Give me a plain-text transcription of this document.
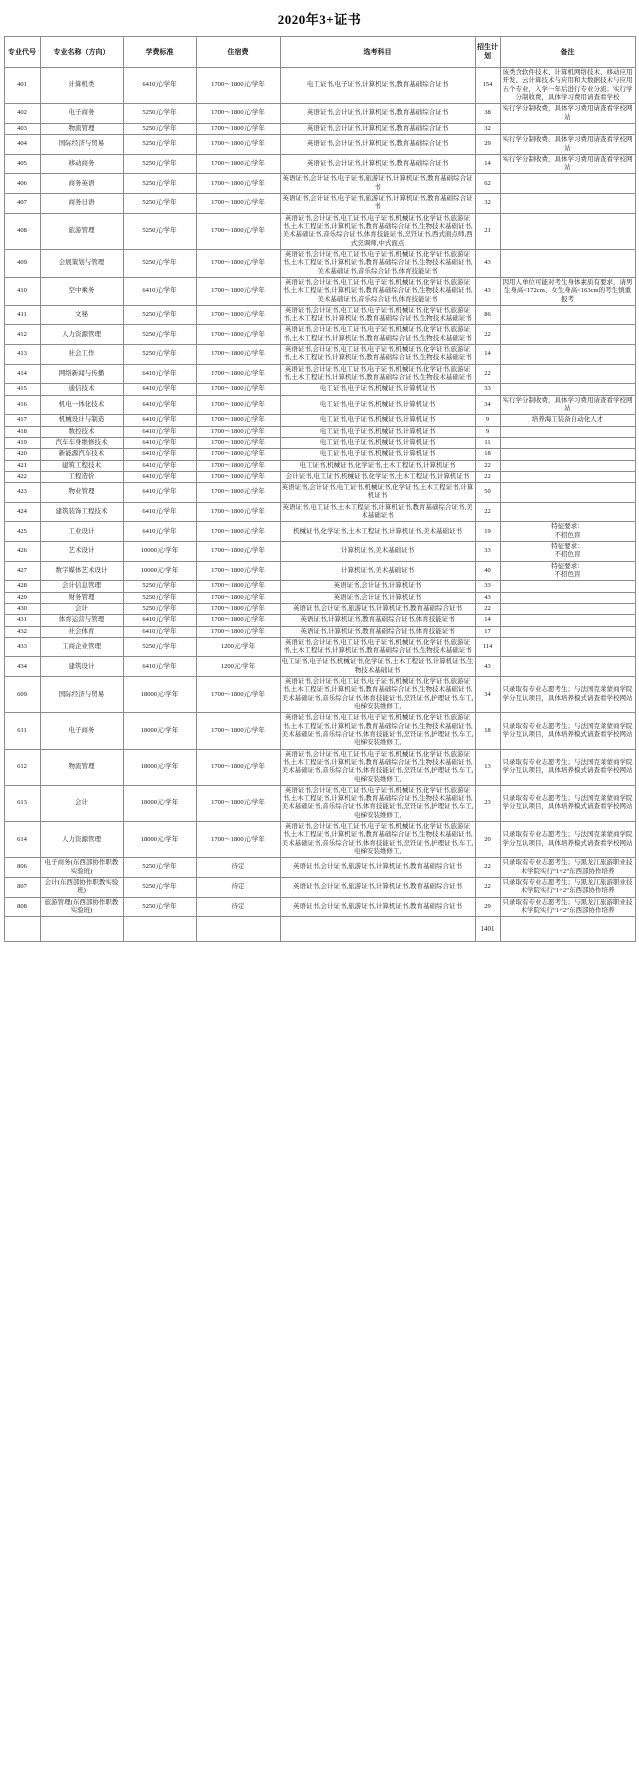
2020年3+证书
专业代号	专业名称（方向）	学费标准	住宿费	选考科目	招生计划	备注
401	计算机类	6410元/学年	1700～1800元/学年	电工证书,电子证书,计算机证书,教育基础综合证书	154	该类含软件技术、计算机网络技术、移动应用开发、云计算技术与应用和大数据技术与应用五个专业，入学一年后进行专业分流；实行学分制收费，具体学习费用请查看学校
402	电子商务	5250元/学年	1700～1800元/学年	英语证书,会计证书,计算机证书,教育基础综合证书	38	实行学分制收费，具体学习费用请查看学校网站
403	物流管理	5250元/学年	1700～1800元/学年	英语证书,会计证书,计算机证书,教育基础综合证书	32	
404	国际经济与贸易	5250元/学年	1700～1800元/学年	英语证书,会计证书,计算机证书,教育基础综合证书	29	实行学分制收费，具体学习费用请查看学校网站
405	移动商务	5250元/学年	1700～1800元/学年	英语证书,会计证书,计算机证书,教育基础综合证书	14	实行学分制收费，具体学习费用请查看学校网站
406	商务英语	5250元/学年	1700～1800元/学年	英语证书,会计证书,电子证书,旅游证书,计算机证书,教育基础综合证书	62	
407	商务日语	5250元/学年	1700～1800元/学年	英语证书,会计证书,电子证书,旅游证书,计算机证书,教育基础综合证书	32	
408	旅游管理	5250元/学年	1700～1800元/学年	英语证书,会计证书,电工证书,电子证书,机械证书,化学证书,旅游证书,土木工程证书,计算机证书,教育基础综合证书,生物技术基础证书,美术基础证书,音乐综合证书,体育技能证书,烹饪证书,西式面点师,西式烹调师,中式面点	21	
409	会展策划与管理	5250元/学年	1700～1800元/学年	英语证书,会计证书,电工证书,电子证书,机械证书,化学证书,旅游证书,土木工程证书,计算机证书,教育基础综合证书,生物技术基础证书,美术基础证书,音乐综合证书,体育技能证书	43	
410	空中乘务	6410元/学年	1700～1800元/学年	英语证书,会计证书,电工证书,电子证书,机械证书,化学证书,旅游证书,土木工程证书,计算机证书,教育基础综合证书,生物技术基础证书,美术基础证书,音乐综合证书,体育技能证书	43	因用人单位可能对考生身体素质有要求，请男生身高<172cm、女生身高<163cm的考生慎重报考
411	文秘	5250元/学年	1700～1800元/学年	英语证书,会计证书,电工证书,电子证书,机械证书,化学证书,旅游证书,土木工程证书,计算机证书,教育基础综合证书,生物技术基础证书	86	
412	人力资源管理	5250元/学年	1700～1800元/学年	英语证书,会计证书,电工证书,电子证书,机械证书,化学证书,旅游证书,土木工程证书,计算机证书,教育基础综合证书,生物技术基础证书	22	
413	社会工作	5250元/学年	1700～1800元/学年	英语证书,会计证书,电工证书,电子证书,机械证书,化学证书,旅游证书,土木工程证书,计算机证书,教育基础综合证书,生物技术基础证书	14	
414	网络新闻与传播	6410元/学年	1700～1800元/学年	英语证书,会计证书,电工证书,电子证书,机械证书,化学证书,旅游证书,土木工程证书,计算机证书,教育基础综合证书,生物技术基础证书	22	
415	通信技术	6410元/学年	1700～1800元/学年	电工证书,电子证书,机械证书,计算机证书	33	
416	机电一体化技术	6410元/学年	1700～1800元/学年	电工证书,电子证书,机械证书,计算机证书	34	实行学分制收费，具体学习费用请查看学校网站
417	机械设计与制造	6410元/学年	1700～1800元/学年	电工证书,电子证书,机械证书,计算机证书	9	培养海工装备自动化人才
418	数控技术	6410元/学年	1700～1800元/学年	电工证书,电子证书,机械证书,计算机证书	9	
419	汽车车身维修技术	6410元/学年	1700～1800元/学年	电工证书,电子证书,机械证书,计算机证书	11	
420	新能源汽车技术	6410元/学年	1700～1800元/学年	电工证书,电子证书,机械证书,计算机证书	18	
421	建筑工程技术	6410元/学年	1700～1800元/学年	电工证书,机械证书,化学证书,土木工程证书,计算机证书	22	
422	工程造价	6410元/学年	1700～1800元/学年	会计证书,电工证书,机械证书,化学证书,土木工程证书,计算机证书	22	
423	物业管理	6410元/学年	1700～1800元/学年	英语证书,会计证书,电工证书,机械证书,化学证书,土木工程证书,计算机证书	50	
424	建筑装饰工程技术	6410元/学年	1700～1800元/学年	英语证书,电工证书,土木工程证书,计算机证书,教育基础综合证书,美术基础证书	22	
425	工业设计	6410元/学年	1700～1800元/学年	机械证书,化学证书,土木工程证书,计算机证书,美术基础证书	19	特征要求：
不招色盲
426	艺术设计	10000元/学年	1700～1800元/学年	计算机证书,美术基础证书	33	特征要求：
不招色盲
427	数字媒体艺术设计	10000元/学年	1700～1800元/学年	计算机证书,美术基础证书	40	特征要求：
不招色盲
428	会计信息管理	5250元/学年	1700～1800元/学年	英语证书,会计证书,计算机证书	33	
429	财务管理	5250元/学年	1700～1800元/学年	英语证书,会计证书,计算机证书	43	
430	会计	5250元/学年	1700～1800元/学年	英语证书,会计证书,旅游证书,计算机证书,教育基础综合证书	22	
431	体育运营与管理	6410元/学年	1700～1800元/学年	英语证书,计算机证书,教育基础综合证书,体育技能证书	14	
432	社会体育	6410元/学年	1700～1800元/学年	英语证书,计算机证书,教育基础综合证书,体育技能证书	17	
433	工商企业管理	5250元/学年	1200元/学年	英语证书,会计证书,电工证书,电子证书,机械证书,化学证书,旅游证书,土木工程证书,计算机证书,教育基础综合证书,生物技术基础证书	114	
434	建筑设计	6410元/学年	1200元/学年	电工证书,电子证书,机械证书,化学证书,土木工程证书,计算机证书,生物技术基础证书	43	
609	国际经济与贸易	18000元/学年	1700～1800元/学年	英语证书,会计证书,电工证书,电子证书,机械证书,化学证书,旅游证书,土木工程证书,计算机证书,教育基础综合证书,生物技术基础证书,美术基础证书,音乐综合证书,体育技能证书,烹饪证书,护理证书,车工,电梯安装维修工,	34	只录取有专业志愿考生；与法国克莱蒙商学院学分互认项目，具体培养模式请查看学校网站
611	电子商务	18000元/学年	1700～1800元/学年	英语证书,会计证书,电工证书,电子证书,机械证书,化学证书,旅游证书,土木工程证书,计算机证书,教育基础综合证书,生物技术基础证书,美术基础证书,音乐综合证书,体育技能证书,烹饪证书,护理证书,车工,电梯安装维修工,	18	只录取有专业志愿考生；与法国克莱蒙商学院学分互认项目，具体培养模式请查看学校网站
612	物流管理	18000元/学年	1700～1800元/学年	英语证书,会计证书,电工证书,电子证书,机械证书,化学证书,旅游证书,土木工程证书,计算机证书,教育基础综合证书,生物技术基础证书,美术基础证书,音乐综合证书,体育技能证书,烹饪证书,护理证书,车工,电梯安装维修工,	13	只录取有专业志愿考生；与法国克莱蒙商学院学分互认项目，具体培养模式请查看学校网站
613	会计	18000元/学年	1700～1800元/学年	英语证书,会计证书,电工证书,电子证书,机械证书,化学证书,旅游证书,土木工程证书,计算机证书,教育基础综合证书,生物技术基础证书,美术基础证书,音乐综合证书,体育技能证书,烹饪证书,护理证书,车工,电梯安装维修工,	23	只录取有专业志愿考生；与法国克莱蒙商学院学分互认项目，具体培养模式请查看学校网站
614	人力资源管理	18000元/学年	1700～1800元/学年	英语证书,会计证书,电工证书,电子证书,机械证书,化学证书,旅游证书,土木工程证书,计算机证书,教育基础综合证书,生物技术基础证书,美术基础证书,音乐综合证书,体育技能证书,烹饪证书,护理证书,车工,电梯安装维修工,	20	只录取有专业志愿考生；与法国克莱蒙商学院学分互认项目，具体培养模式请查看学校网站
806	电子商务(东西部协作职教实验班)	5250元/学年	待定	英语证书,会计证书,旅游证书,计算机证书,教育基础综合证书	22	只录取有专业志愿考生；与黑龙江旅游职业技术学院实行“1+2”东西部协作培养
807	会计(东西部协作职教实验班)	5250元/学年	待定	英语证书,会计证书,旅游证书,计算机证书,教育基础综合证书	22	只录取有专业志愿考生；与黑龙江旅游职业技术学院实行“1+2”东西部协作培养
808	旅游管理(东西部协作职教实验班)	5250元/学年	待定	英语证书,会计证书,旅游证书,计算机证书,教育基础综合证书	29	只录取有专业志愿考生；与黑龙江旅游职业技术学院实行“1+2”东西部协作培养
					1401	
